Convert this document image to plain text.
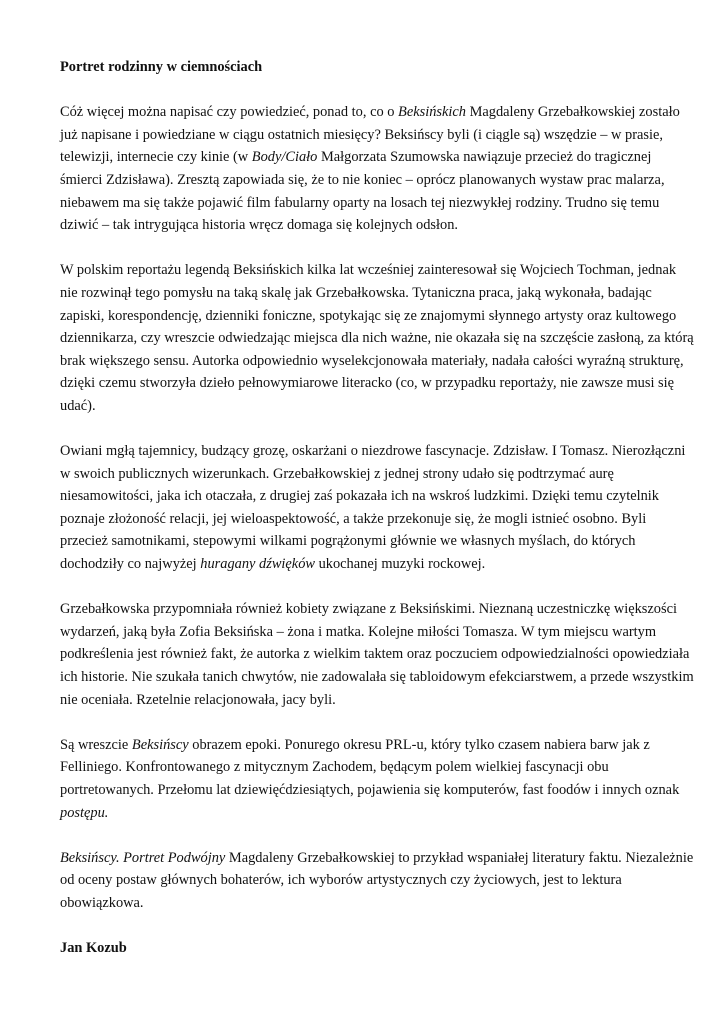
Portret rodzinny w ciemnościach

Cóż więcej można napisać czy powiedzieć, ponad to, co o Beksińskich Magdaleny Grzebałkowskiej zostało już napisane i powiedziane w ciągu ostatnich miesięcy? Beksińscy byli (i ciągle są) wszędzie – w prasie, telewizji, internecie czy kinie (w Body/Ciało Małgorzata Szumowska nawiązuje przecież do tragicznej śmierci Zdzisława). Zresztą zapowiada się, że to nie koniec – oprócz planowanych wystaw prac malarza, niebawem ma się także pojawić film fabularny oparty na losach tej niezwykłej rodziny. Trudno się temu dziwić – tak intrygująca historia wręcz domaga się kolejnych odsłon.

W polskim reportażu legendą Beksińskich kilka lat wcześniej zainteresował się Wojciech Tochman, jednak nie rozwinął tego pomysłu na taką skalę jak Grzebałkowska. Tytaniczna praca, jaką wykonała, badając zapiski, korespondencję, dzienniki foniczne, spotykając się ze znajomymi słynnego artysty oraz kultowego dziennikarza, czy wreszcie odwiedzając miejsca dla nich ważne, nie okazała się na szczęście zasłoną, za którą brak większego sensu. Autorka odpowiednio wyselekcjonowała materiały, nadała całości wyraźną strukturę, dzięki czemu stworzyła dzieło pełnowymiarowe literacko (co, w przypadku reportaży, nie zawsze musi się udać).

Owiani mgłą tajemnicy, budzący grozę, oskarżani o niezdrowe fascynacje. Zdzisław. I Tomasz. Nierozłączni w swoich publicznych wizerunkach. Grzebałkowskiej z jednej strony udało się podtrzymać aurę niesamowitości, jaka ich otaczała, z drugiej zaś pokazała ich na wskroś ludzkimi. Dzięki temu czytelnik poznaje złożoność relacji, jej wieloaspektowość, a także przekonuje się, że mogli istnieć osobno. Byli przecież samotnikami, stepowymi wilkami pogrążonymi głównie we własnych myślach, do których dochodziły co najwyżej huragany dźwięków ukochanej muzyki rockowej.

Grzebałkowska przypomniała również kobiety związane z Beksińskimi. Nieznaną uczestniczkę większości wydarzeń, jaką była Zofia Beksińska – żona i matka. Kolejne miłości Tomasza. W tym miejscu wartym podkreślenia jest również fakt, że autorka z wielkim taktem oraz poczuciem odpowiedzialności opowiedziała ich historie. Nie szukała tanich chwytów, nie zadowalała się tabloidowym efekciarstwem, a przede wszystkim nie oceniała. Rzetelnie relacjonowała, jacy byli.

Są wreszcie Beksińscy obrazem epoki. Ponurego okresu PRL-u, który tylko czasem nabiera barw jak z Felliniego. Konfrontowanego z mitycznym Zachodem, będącym polem wielkiej fascynacji obu portretowanych. Przełomu lat dziewięćdziesiątych, pojawienia się komputerów, fast foodów i innych oznak postępu.

Beksińscy. Portret Podwójny Magdaleny Grzebałkowskiej to przykład wspaniałej literatury faktu. Niezależnie od oceny postaw głównych bohaterów, ich wyborów artystycznych czy życiowych, jest to lektura obowiązkowa.

Jan Kozub
